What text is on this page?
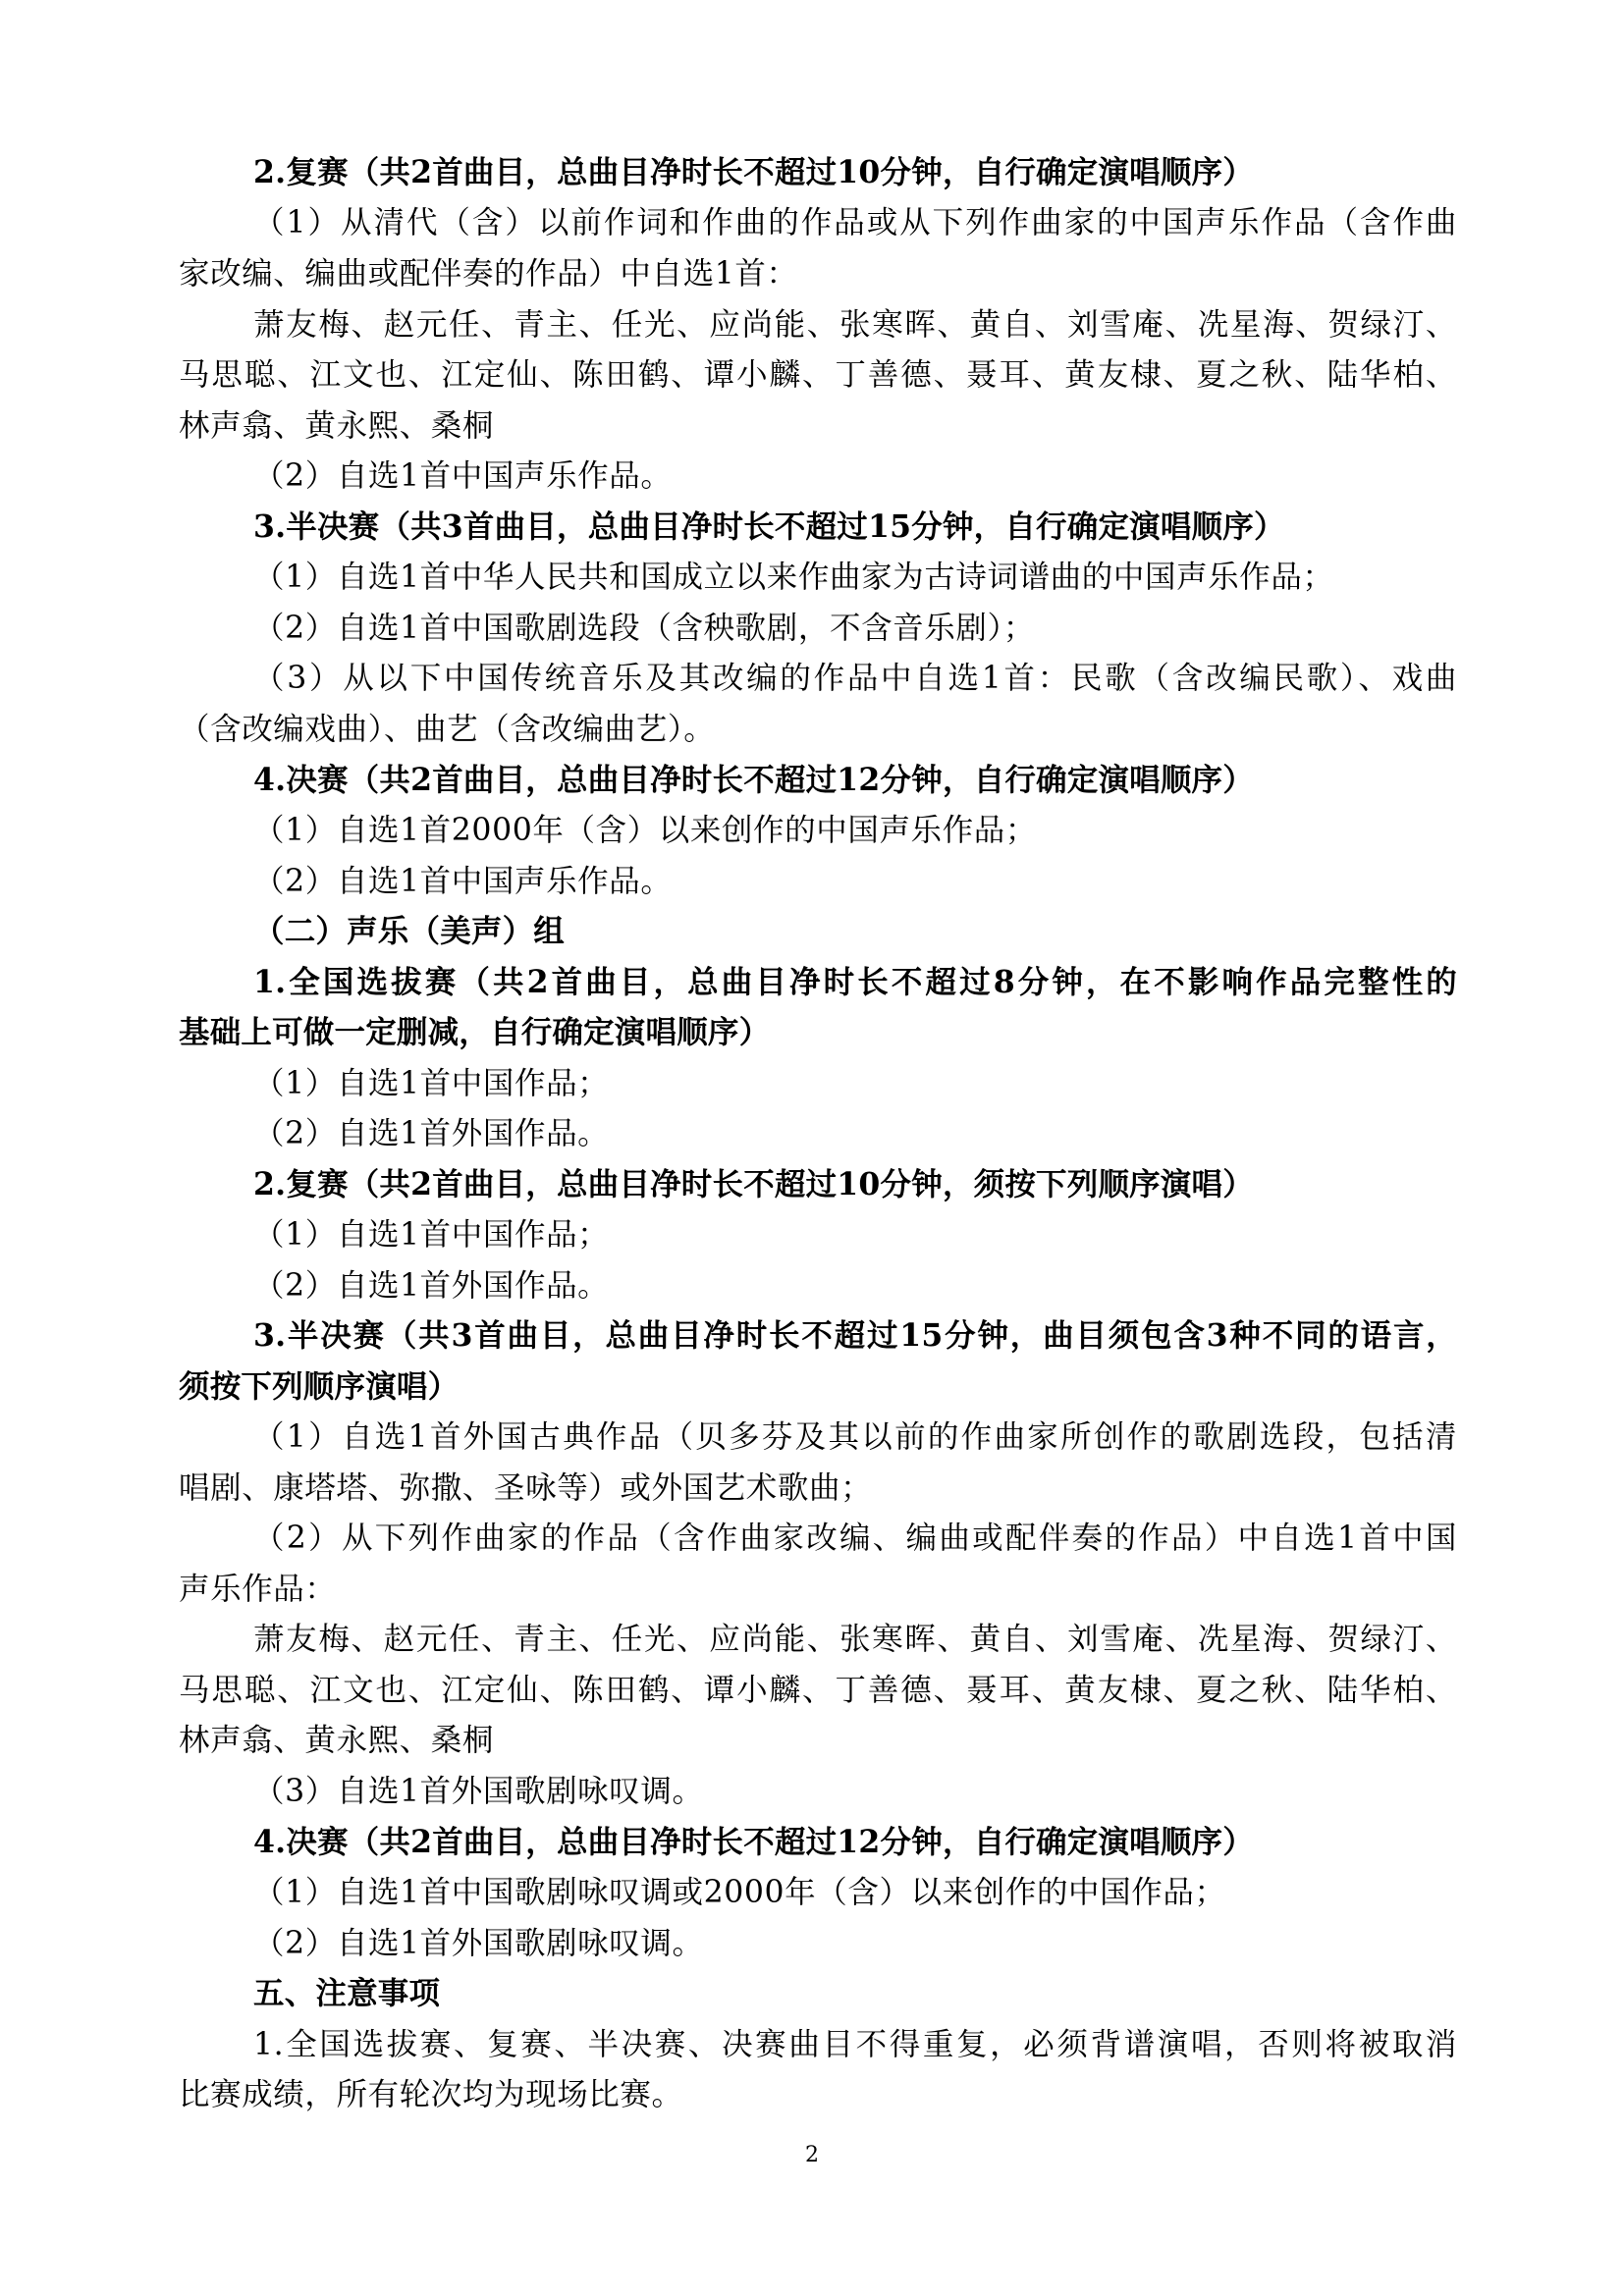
2.复赛（共2首曲目，总曲目净时长不超过10分钟，自行确定演唱顺序）

（1）从清代（含）以前作词和作曲的作品或从下列作曲家的中国声乐作品（含作曲

家改编、编曲或配伴奏的作品）中自选1首：

萧友梅、赵元任、青主、任光、应尚能、张寒晖、黄自、刘雪庵、冼星海、贺绿汀、

马思聪、江文也、江定仙、陈田鹤、谭小麟、丁善德、聂耳、黄友棣、夏之秋、陆华柏、

林声翕、黄永熙、桑桐

（2）自选1首中国声乐作品。

3.半决赛（共3首曲目，总曲目净时长不超过15分钟，自行确定演唱顺序）

（1）自选1首中华人民共和国成立以来作曲家为古诗词谱曲的中国声乐作品；

（2）自选1首中国歌剧选段（含秧歌剧，不含音乐剧）；

（3）从以下中国传统音乐及其改编的作品中自选1首：民歌（含改编民歌）、戏曲

（含改编戏曲）、曲艺（含改编曲艺）。

4.决赛（共2首曲目，总曲目净时长不超过12分钟，自行确定演唱顺序）

（1）自选1首2000年（含）以来创作的中国声乐作品；

（2）自选1首中国声乐作品。

（二）声乐（美声）组

1.全国选拔赛（共2首曲目，总曲目净时长不超过8分钟，在不影响作品完整性的

基础上可做一定删减，自行确定演唱顺序）

（1）自选1首中国作品；

（2）自选1首外国作品。

2.复赛（共2首曲目，总曲目净时长不超过10分钟，须按下列顺序演唱）

（1）自选1首中国作品；

（2）自选1首外国作品。

3.半决赛（共3首曲目，总曲目净时长不超过15分钟，曲目须包含3种不同的语言，

须按下列顺序演唱）

（1）自选1首外国古典作品（贝多芬及其以前的作曲家所创作的歌剧选段，包括清

唱剧、康塔塔、弥撒、圣咏等）或外国艺术歌曲；

（2）从下列作曲家的作品（含作曲家改编、编曲或配伴奏的作品）中自选1首中国

声乐作品：

萧友梅、赵元任、青主、任光、应尚能、张寒晖、黄自、刘雪庵、冼星海、贺绿汀、

马思聪、江文也、江定仙、陈田鹤、谭小麟、丁善德、聂耳、黄友棣、夏之秋、陆华柏、

林声翕、黄永熙、桑桐

（3）自选1首外国歌剧咏叹调。

4.决赛（共2首曲目，总曲目净时长不超过12分钟，自行确定演唱顺序）

（1）自选1首中国歌剧咏叹调或2000年（含）以来创作的中国作品；

（2）自选1首外国歌剧咏叹调。

五、注意事项

1.全国选拔赛、复赛、半决赛、决赛曲目不得重复，必须背谱演唱，否则将被取消

比赛成绩，所有轮次均为现场比赛。

2
